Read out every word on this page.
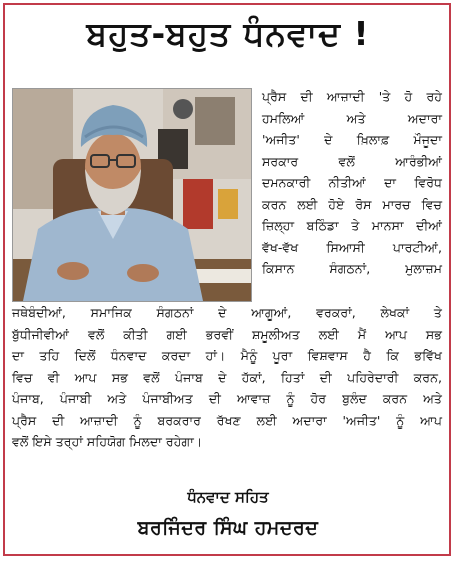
ਬਹੁਤ-ਬਹੁਤ ਧੰਨਵਾਦ !
ਪ੍ਰੈਸ ਦੀ ਆਜ਼ਾਦੀ 'ਤੇ ਹੋ ਰਹੇ
ਹਮਲਿਆਂ ਅਤੇ ਅਦਾਰਾ
'ਅਜੀਤ' ਦੇ ਖ਼ਿਲਾਫ਼ ਮੌਜੂਦਾ
ਸਰਕਾਰ ਵਲੋਂ ਆਰੰਭੀਆਂ
ਦਮਨਕਾਰੀ ਨੀਤੀਆਂ ਦਾ ਵਿਰੋਧ
ਕਰਨ ਲਈ ਹੋਏ ਰੋਸ ਮਾਰਚ ਵਿਚ
ਜ਼ਿਲ੍ਹਾ ਬਠਿੰਡਾ ਤੇ ਮਾਨਸਾ ਦੀਆਂ
ਵੱਖ-ਵੱਖ ਸਿਆਸੀ ਪਾਰਟੀਆਂ,
ਕਿਸਾਨ ਸੰਗਠਨਾਂ, ਮੁਲਾਜ਼ਮ
ਜਥੇਬੰਦੀਆਂ, ਸਮਾਜਿਕ ਸੰਗਠਨਾਂ ਦੇ ਆਗੂਆਂ, ਵਰਕਰਾਂ, ਲੇਖਕਾਂ ਤੇ
ਬੁੱਧੀਜੀਵੀਆਂ ਵਲੋਂ ਕੀਤੀ ਗਈ ਭਰਵੀਂ ਸ਼ਮੂਲੀਅਤ ਲਈ ਮੈਂ ਆਪ ਸਭ
ਦਾ ਤਹਿ ਦਿਲੋਂ ਧੰਨਵਾਦ ਕਰਦਾ ਹਾਂ। ਮੈਨੂੰ ਪੂਰਾ ਵਿਸ਼ਵਾਸ ਹੈ ਕਿ ਭਵਿੱਖ
ਵਿਚ ਵੀ ਆਪ ਸਭ ਵਲੋਂ ਪੰਜਾਬ ਦੇ ਹੱਕਾਂ, ਹਿਤਾਂ ਦੀ ਪਹਿਰੇਦਾਰੀ ਕਰਨ,
ਪੰਜਾਬ, ਪੰਜਾਬੀ ਅਤੇ ਪੰਜਾਬੀਅਤ ਦੀ ਆਵਾਜ਼ ਨੂੰ ਹੋਰ ਬੁਲੰਦ ਕਰਨ ਅਤੇ
ਪ੍ਰੈਸ ਦੀ ਆਜ਼ਾਦੀ ਨੂੰ ਬਰਕਰਾਰ ਰੱਖਣ ਲਈ ਅਦਾਰਾ 'ਅਜੀਤ' ਨੂੰ ਆਪ
ਵਲੋਂ ਇਸੇ ਤਰ੍ਹਾਂ ਸਹਿਯੋਗ ਮਿਲਦਾ ਰਹੇਗਾ।
ਧੰਨਵਾਦ ਸਹਿਤ
ਬਰਜਿੰਦਰ ਸਿੰਘ ਹਮਦਰਦ
